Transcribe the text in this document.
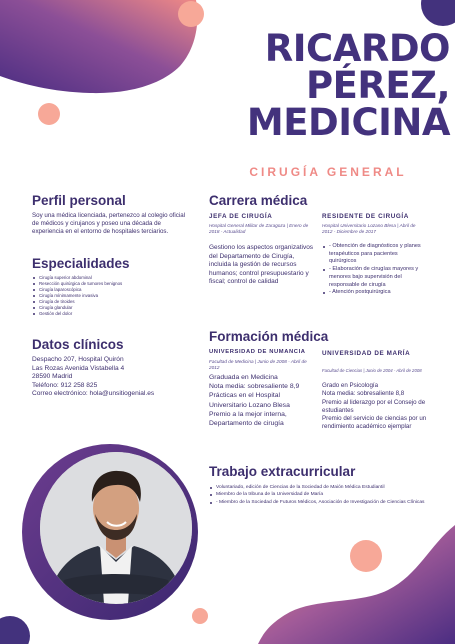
RICARDO
PÉREZ,
MEDICINA
CIRUGÍA GENERAL
Perfil personal
Soy una médica licenciada, pertenezco al colegio oficial de médicos y cirujanos y poseo una década de experiencia en el entorno de hospitales terciarios.
Especialidades
Cirugía superior abdominal
Resección quirúrgica de tumores benignos
Cirugía laparoscópica
Cirugía mínimamente invasiva
Cirugía de tiroides
Cirugía glandular
Gestión del dolor
Datos clínicos
Despacho 207, Hospital Quirón
Las Rozas Avenida Vistabella 4
28590 Madrid
Teléfono: 912 258 825
Correo electrónico: hola@unsitiogenial.es
Carrera médica
JEFA DE CIRUGÍA
Hospital General Militar de Zaragoza | Enero de 2018 - Actualidad
Gestiono los aspectos organizativos del Departamento de Cirugía, incluida la gestión de recursos humanos; control presupuestario y fiscal; control de calidad
RESIDENTE DE CIRUGÍA
Hospital Universitario Lozano Blesa | Abril de 2012 - Diciembre de 2017
- Obtención de diagnósticos y planes terapéuticos para pacientes quirúrgicos
- Elaboración de cirugías mayores y menores bajo supervisión del responsable de cirugía
- Atención postquirúrgica
Formación médica
UNIVERSIDAD DE NUMANCIA
Facultad de Medicina | Junio de 2008 - Abril de 2012
Graduada en Medicina
Nota media: sobresaliente 8,9
Prácticas en el Hospital Universitario Lozano Blesa
Premio a la mejor interna, Departamento de cirugía
UNIVERSIDAD DE MARÍA
Facultad de Ciencias | Junio de 2004 - Abril de 2008
Grado en Psicología
Nota media: sobresaliente 8,8
Premio al liderazgo por el Consejo de estudiantes
Premio del servicio de ciencias por un rendimiento académico ejemplar
Trabajo extracurricular
Voluntariado, edición de Ciencias de la Sociedad de Maión Médica Estudiantil
Miembro de la tribuna de la Universidad de María
- Miembro de la Sociedad de Futuros Médicos, Asociación de Investigación de Ciencias Clínicas
